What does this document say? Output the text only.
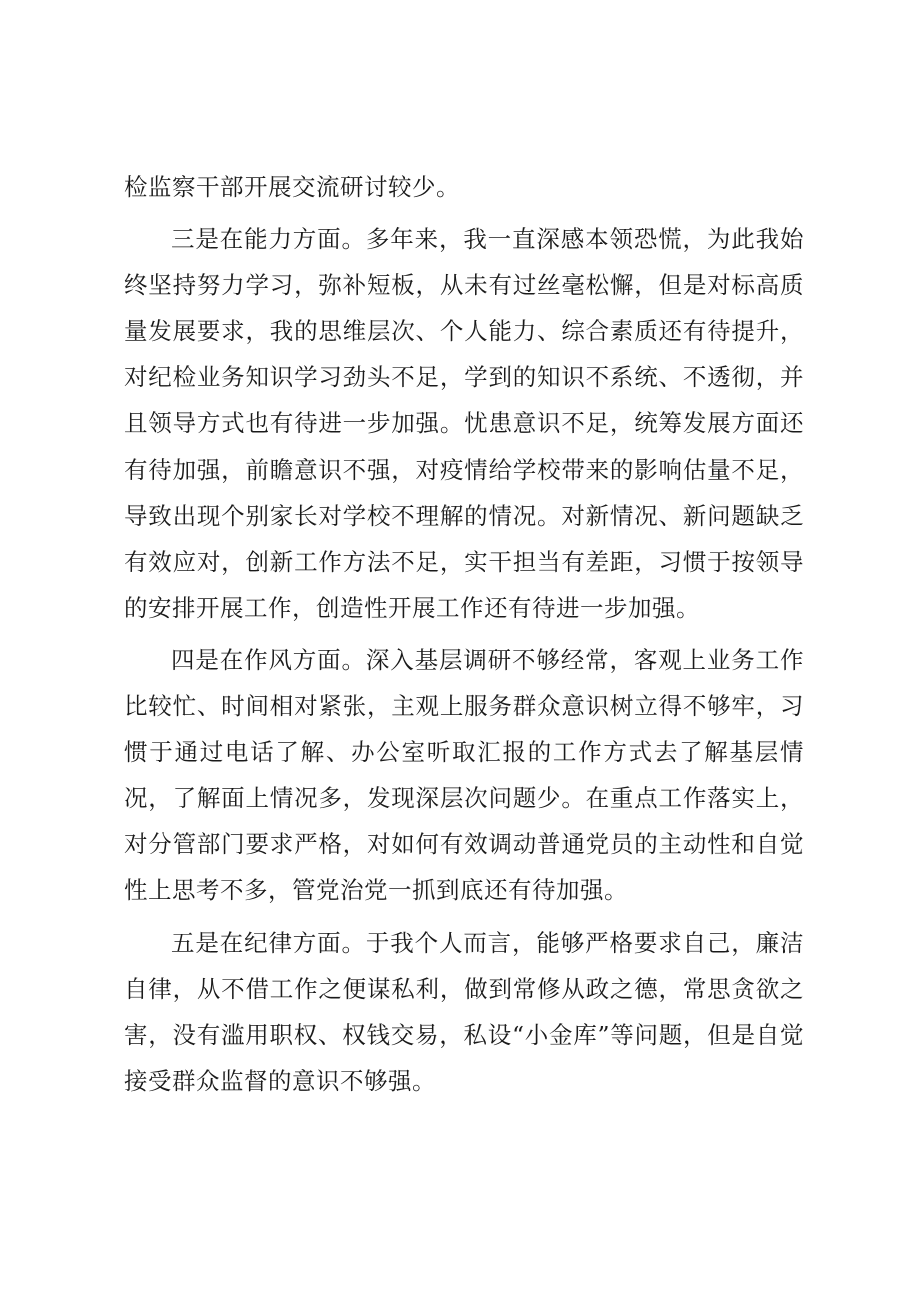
检监察干部开展交流研讨较少。

三是在能力方面。多年来，我一直深感本领恐慌，为此我始终坚持努力学习，弥补短板，从未有过丝毫松懈，但是对标高质量发展要求，我的思维层次、个人能力、综合素质还有待提升，对纪检业务知识学习劲头不足，学到的知识不系统、不透彻，并且领导方式也有待进一步加强。忧患意识不足，统筹发展方面还有待加强，前瞻意识不强，对疫情给学校带来的影响估量不足，导致出现个别家长对学校不理解的情况。对新情况、新问题缺乏有效应对，创新工作方法不足，实干担当有差距，习惯于按领导的安排开展工作，创造性开展工作还有待进一步加强。

四是在作风方面。深入基层调研不够经常，客观上业务工作比较忙、时间相对紧张，主观上服务群众意识树立得不够牢，习惯于通过电话了解、办公室听取汇报的工作方式去了解基层情况，了解面上情况多，发现深层次问题少。在重点工作落实上，对分管部门要求严格，对如何有效调动普通党员的主动性和自觉性上思考不多，管党治党一抓到底还有待加强。

五是在纪律方面。于我个人而言，能够严格要求自己，廉洁自律，从不借工作之便谋私利，做到常修从政之德，常思贪欲之害，没有滥用职权、权钱交易，私设“小金库”等问题，但是自觉接受群众监督的意识不够强。
